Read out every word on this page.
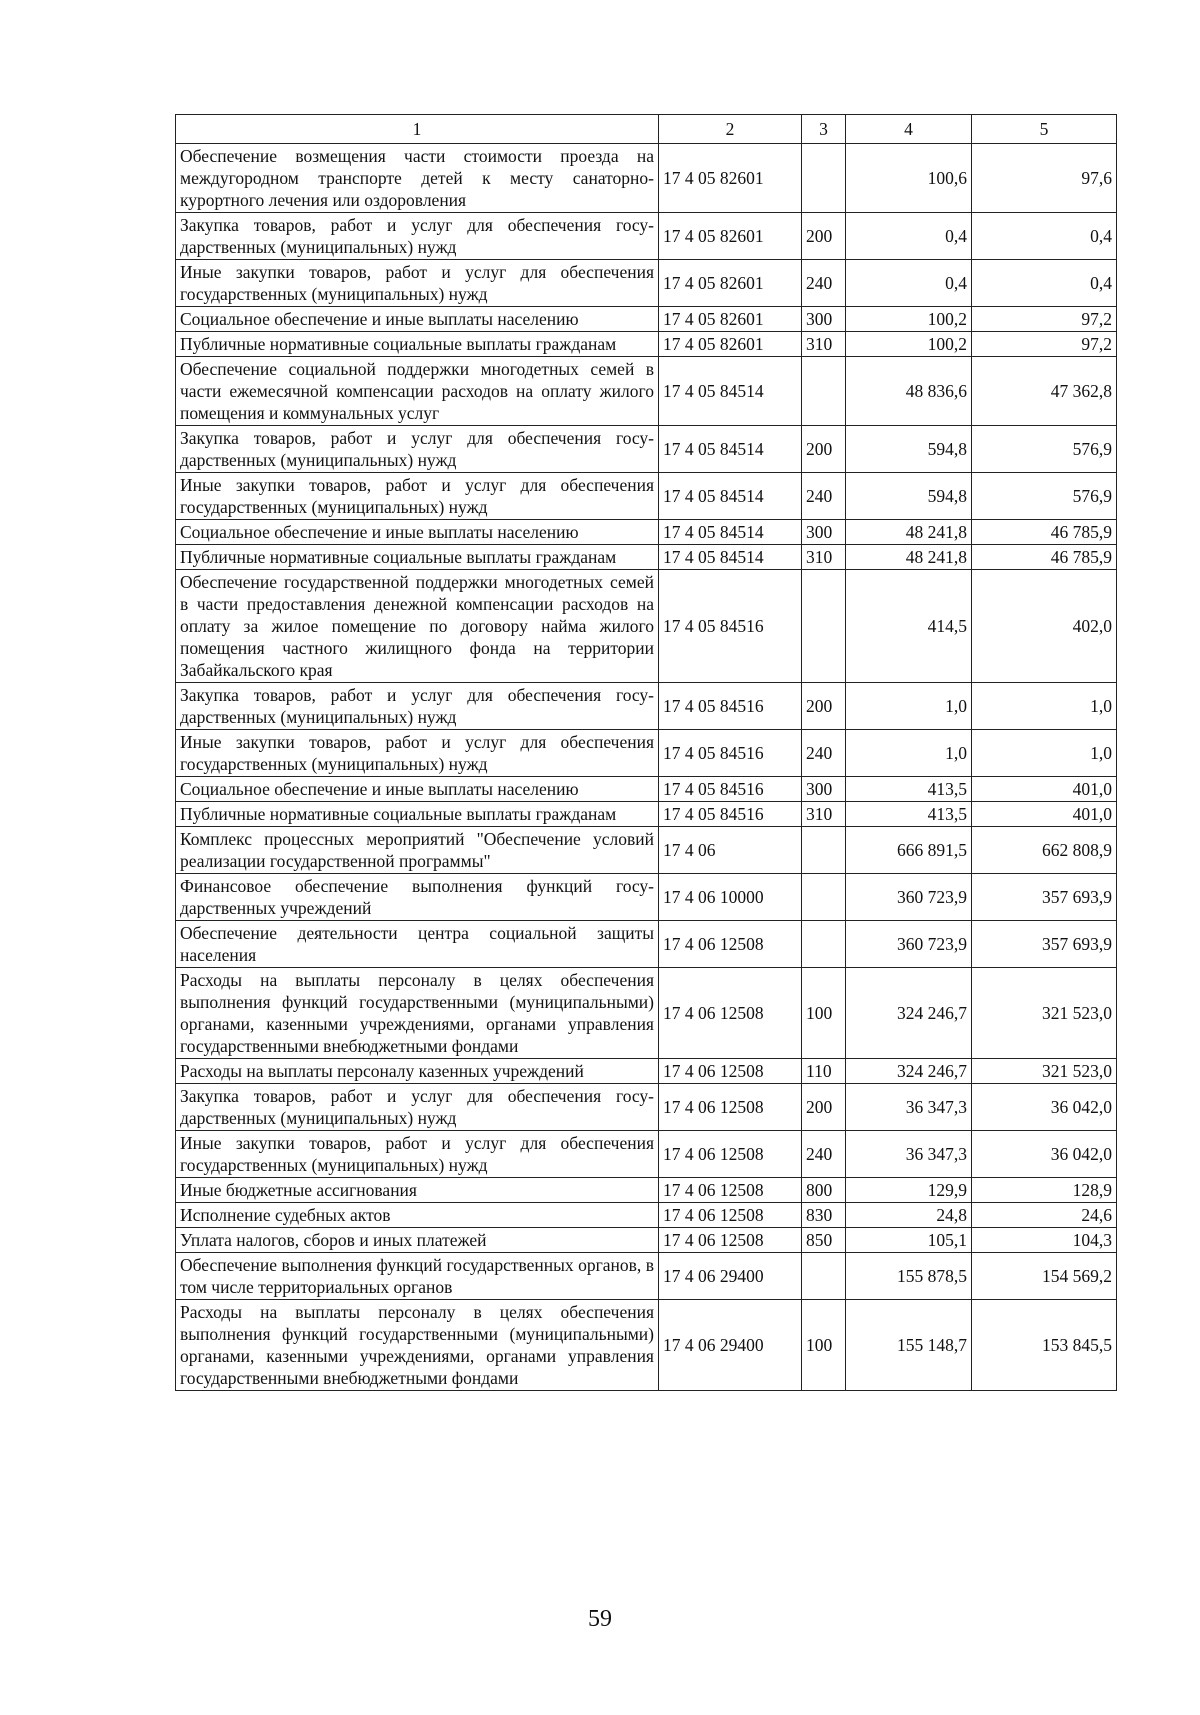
1	2	3	4	5
Обеспечение возмещения части стоимости проезда на междугородном транспорте детей к месту санаторно-курортного лечения или оздоровления	17 4 05 82601		100,6	97,6
Закупка товаров, работ и услуг для обеспечения государственных (муниципальных) нужд	17 4 05 82601	200	0,4	0,4
Иные закупки товаров, работ и услуг для обеспечения государственных (муниципальных) нужд	17 4 05 82601	240	0,4	0,4
Социальное обеспечение и иные выплаты населению	17 4 05 82601	300	100,2	97,2
Публичные нормативные социальные выплаты гражданам	17 4 05 82601	310	100,2	97,2
Обеспечение социальной поддержки многодетных семей в части ежемесячной компенсации расходов на оплату жилого помещения и коммунальных услуг	17 4 05 84514		48 836,6	47 362,8
Закупка товаров, работ и услуг для обеспечения государственных (муниципальных) нужд	17 4 05 84514	200	594,8	576,9
Иные закупки товаров, работ и услуг для обеспечения государственных (муниципальных) нужд	17 4 05 84514	240	594,8	576,9
Социальное обеспечение и иные выплаты населению	17 4 05 84514	300	48 241,8	46 785,9
Публичные нормативные социальные выплаты гражданам	17 4 05 84514	310	48 241,8	46 785,9
Обеспечение государственной поддержки многодетных семей в части предоставления денежной компенсации расходов на оплату за жилое помещение по договору найма жилого помещения частного жилищного фонда на территории Забайкальского края	17 4 05 84516		414,5	402,0
Закупка товаров, работ и услуг для обеспечения государственных (муниципальных) нужд	17 4 05 84516	200	1,0	1,0
Иные закупки товаров, работ и услуг для обеспечения государственных (муниципальных) нужд	17 4 05 84516	240	1,0	1,0
Социальное обеспечение и иные выплаты населению	17 4 05 84516	300	413,5	401,0
Публичные нормативные социальные выплаты гражданам	17 4 05 84516	310	413,5	401,0
Комплекс процессных мероприятий "Обеспечение условий реализации государственной программы"	17 4 06		666 891,5	662 808,9
Финансовое обеспечение выполнения функций государственных учреждений	17 4 06 10000		360 723,9	357 693,9
Обеспечение деятельности центра социальной защиты населения	17 4 06 12508		360 723,9	357 693,9
Расходы на выплаты персоналу в целях обеспечения выполнения функций государственными (муниципальными) органами, казенными учреждениями, органами управления государственными внебюджетными фондами	17 4 06 12508	100	324 246,7	321 523,0
Расходы на выплаты персоналу казенных учреждений	17 4 06 12508	110	324 246,7	321 523,0
Закупка товаров, работ и услуг для обеспечения государственных (муниципальных) нужд	17 4 06 12508	200	36 347,3	36 042,0
Иные закупки товаров, работ и услуг для обеспечения государственных (муниципальных) нужд	17 4 06 12508	240	36 347,3	36 042,0
Иные бюджетные ассигнования	17 4 06 12508	800	129,9	128,9
Исполнение судебных актов	17 4 06 12508	830	24,8	24,6
Уплата налогов, сборов и иных платежей	17 4 06 12508	850	105,1	104,3
Обеспечение выполнения функций государственных органов, в том числе территориальных органов	17 4 06 29400		155 878,5	154 569,2
Расходы на выплаты персоналу в целях обеспечения выполнения функций государственными (муниципальными) органами, казенными учреждениями, органами управления государственными внебюджетными фондами	17 4 06 29400	100	155 148,7	153 845,5
59
